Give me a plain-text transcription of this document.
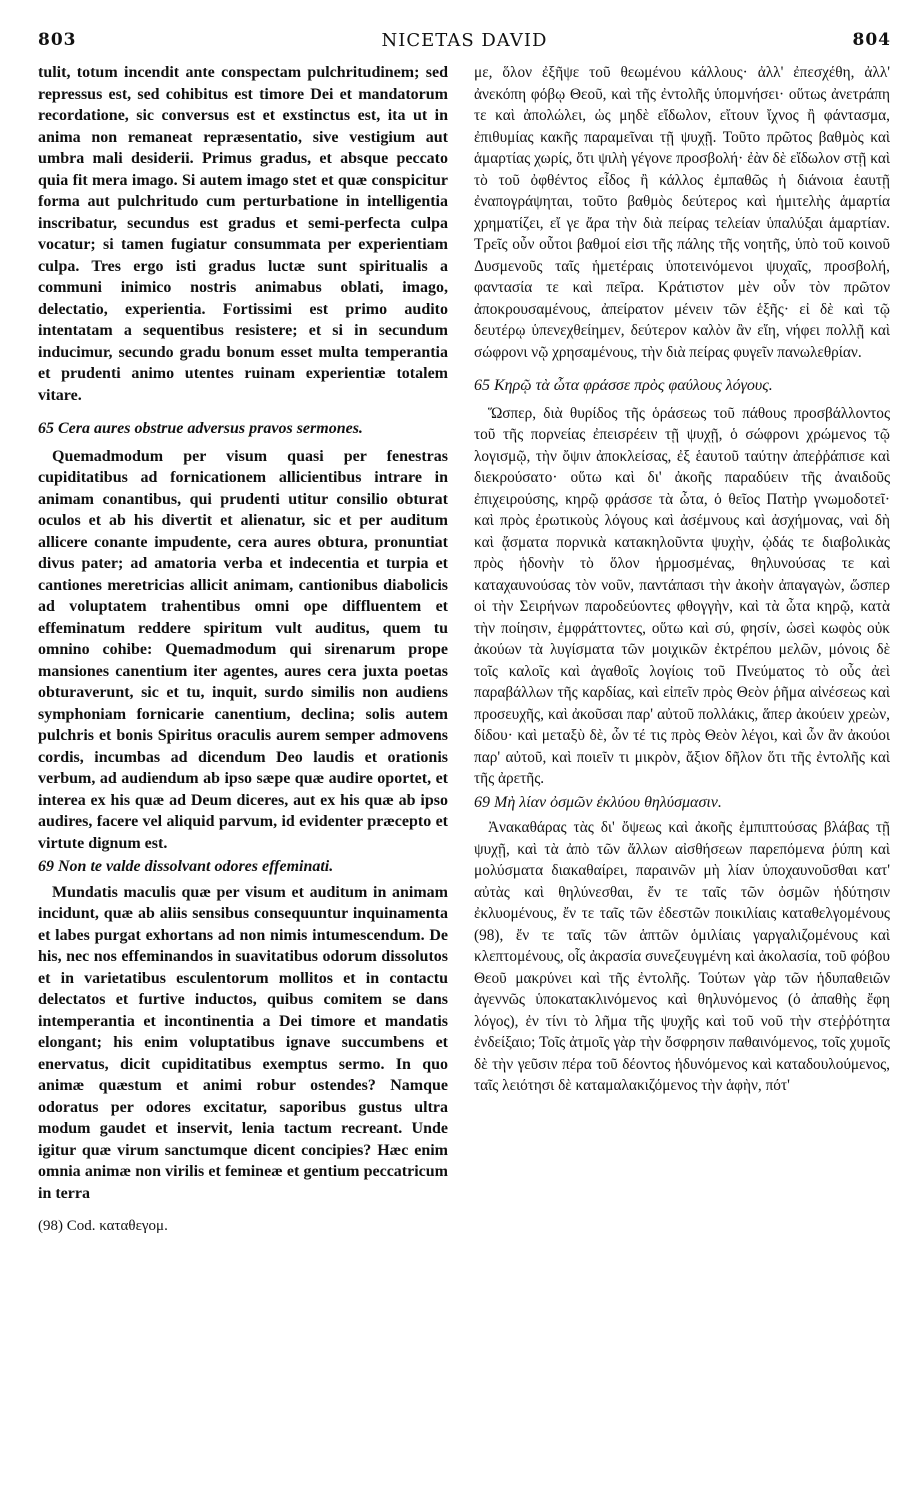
803	NICETAS DAVID	804

tulit, totum incendit ante conspectam pulchritudinem; sed repressus est, sed cohibitus est timore Dei et mandatorum recordatione, sic conversus est et exstinctus est, ita ut in anima non remaneat repræsentatio, sive vestigium aut umbra mali desiderii. Primus gradus, et absque peccato quia fit mera imago. Si autem imago stet et quæ conspicitur forma aut pulchritudo cum perturbatione in intelligentia inscribatur, secundus est gradus et semi-perfecta culpa vocatur; si tamen fugiatur consummata per experientiam culpa. Tres ergo isti gradus luctæ sunt spiritualis a communi inimico nostris animabus oblati, imago, delectatio, experientia. Fortissimi est primo audito intentatam a sequentibus resistere; et si in secundum inducimur, secundo gradu bonum esset multa temperantia et prudenti animo utentes ruinam experientiæ totalem vitare.

65 Cera aures obstrue adversus pravos sermones.

Quemadmodum per visum quasi per fenestras cupiditatibus ad fornicationem allicientibus intrare in animam conantibus, qui prudenti utitur consilio obturat oculos et ab his divertit et alienatur, sic et per auditum allicere conante impudente, cera aures obtura, pronuntiat divus pater; ad amatoria verba et indecentia et turpia et cantiones meretricias allicit animam, cantionibus diabolicis ad voluptatem trahentibus omni ope diffluentem et effeminatum reddere spiritum vult auditus, quem tu omnino cohibe: Quemadmodum qui sirenarum prope mansiones canentium iter agentes, aures cera juxta poetas obturaverunt, sic et tu, inquit, surdo similis non audiens symphoniam fornicarie canentium, declina; solis autem pulchris et bonis Spiritus oraculis aurem semper admovens cordis, incumbas ad dicendum Deo laudis et orationis verbum, ad audiendum ab ipso sæpe quæ audire oportet, et interea ex his quæ ad Deum diceres, aut ex his quæ ab ipso audires, facere vel aliquid parvum, id evidenter præcepto et virtute dignum est.

69 Non te valde dissolvant odores effeminati.

Mundatis maculis quæ per visum et auditum in animam incidunt, quæ ab aliis sensibus consequuntur inquinamenta et labes purgat exhortans ad non nimis intumescendum. De his, nec nos effeminandos in suavitatibus odorum dissolutos et in varietatibus esculentorum mollitos et in contactu delectatos et furtive inductos, quibus comitem se dans intemperantia et incontinentia a Dei timore et mandatis elongant; his enim voluptatibus ignave succumbens et enervatus, dicit cupiditatibus exemptus sermo. In quo animæ quæstum et animi robur ostendes? Namque odoratus per odores excitatur, saporibus gustus ultra modum gaudet et inservit, lenia tactum recreant. Unde igitur quæ virum sanctumque dicent concipies? Hæc enim omnia animæ non virilis et femineæ et gentium peccatricum in terra

(98) Cod. καταθεγομ.

με, ὅλον ἐξῆψε τοῦ θεωμένου κάλλους· ἀλλ' ἐπεσχέθη, ἀλλ' ἀνεκόπη φόβῳ Θεοῦ, καὶ τῆς ἐντολῆς ὑπομνήσει· οὕτως ἀνετράπη τε καὶ ἀπολώλει, ὡς μηδὲ εἴδωλον, εἴτουν ἴχνος ἢ φάντασμα, ἐπιθυμίας κακῆς παραμεῖναι τῇ ψυχῇ. Τοῦτο πρῶτος βαθμὸς καὶ ἁμαρτίας χωρίς, ὅτι ψιλὴ γέγονε προσβολή· ἐὰν δὲ εἴδωλον στῇ καὶ τὸ τοῦ ὀφθέντος εἶδος ἢ κάλλος ἐμπαθῶς ἡ διάνοια ἑαυτῇ ἐναπογράψηται, τοῦτο βαθμὸς δεύτερος καὶ ἡμιτελὴς ἁμαρτία χρηματίζει, εἴ γε ἄρα τὴν διὰ πείρας τελείαν ὑπαλύξαι ἁμαρτίαν. Τρεῖς οὖν οὗτοι βαθμοί εἰσι τῆς πάλης τῆς νοητῆς, ὑπὸ τοῦ κοινοῦ Δυσμενοῦς ταῖς ἡμετέραις ὑποτεινόμενοι ψυχαῖς, προσβολή, φαντασία τε καὶ πεῖρα. Κράτιστον μὲν οὖν τὸν πρῶτον ἀποκρουσαμένους, ἀπείρατον μένειν τῶν ἑξῆς· εἰ δὲ καὶ τῷ δευτέρῳ ὑπενεχθείημεν, δεύτερον καλὸν ἂν εἴη, νήφει πολλῇ καὶ σώφρονι νῷ χρησαμένους, τὴν διὰ πείρας φυγεῖν πανωλεθρίαν.

65 Κηρῷ τὰ ὦτα φράσσε πρὸς φαύλους λόγους.

Ὥσπερ, διὰ θυρίδος τῆς ὁράσεως τοῦ πάθους προσβάλλοντος τοῦ τῆς πορνείας ἐπεισρέειν τῇ ψυχῇ, ὁ σώφρονι χρώμενος τῷ λογισμῷ, τὴν ὄψιν ἀποκλείσας, ἐξ ἑαυτοῦ ταύτην ἀπεῤῥάπισε καὶ διεκρούσατο· οὕτω καὶ δι' ἀκοῆς παραδύειν τῆς ἀναιδοῦς ἐπιχειρούσης, κηρῷ φράσσε τὰ ὦτα, ὁ θεῖος Πατὴρ γνωμοδοτεῖ· καὶ πρὸς ἐρωτικοὺς λόγους καὶ ἀσέμνους καὶ ἀσχήμονας, ναὶ δὴ καὶ ᾄσματα πορνικὰ κατακηλοῦντα ψυχὴν, ᾠδάς τε διαβολικὰς πρὸς ἡδονὴν τὸ ὅλον ἡρμοσμένας, θηλυνούσας τε καὶ καταχαυνούσας τὸν νοῦν, παντάπασι τὴν ἀκοὴν ἀπαγαγὼν, ὥσπερ οἱ τὴν Σειρήνων παροδεύοντες φθογγὴν, καὶ τὰ ὦτα κηρῷ, κατὰ τὴν ποίησιν, ἐμφράττοντες, οὕτω καὶ σύ, φησίν, ὡσεὶ κωφὸς οὐκ ἀκούων τὰ λυγίσματα τῶν μοιχικῶν ἐκτρέπου μελῶν, μόνοις δὲ τοῖς καλοῖς καὶ ἀγαθοῖς λογίοις τοῦ Πνεύματος τὸ οὖς ἀεὶ παραβάλλων τῆς καρδίας, καὶ εἰπεῖν πρὸς Θεὸν ῥῆμα αἰνέσεως καὶ προσευχῆς, καὶ ἀκοῦσαι παρ' αὐτοῦ πολλάκις, ἅπερ ἀκούειν χρεὼν, δίδου· καὶ μεταξὺ δὲ, ὧν τέ τις πρὸς Θεὸν λέγοι, καὶ ὧν ἂν ἀκούοι παρ' αὐτοῦ, καὶ ποιεῖν τι μικρὸν, ἄξιον δῆλον ὅτι τῆς ἐντολῆς καὶ τῆς ἀρετῆς.

69 Μὴ λίαν ὀσμῶν ἐκλύου θηλύσμασιν.

Ἀνακαθάρας τὰς δι' ὄψεως καὶ ἀκοῆς ἐμπιπτούσας βλάβας τῇ ψυχῇ, καὶ τὰ ἀπὸ τῶν ἄλλων αἰσθήσεων παρεπόμενα ῥύπη καὶ μολύσματα διακαθαίρει, παραινῶν μὴ λίαν ὑποχαυνοῦσθαι κατ' αὐτὰς καὶ θηλύνεσθαι, ἔν τε ταῖς τῶν ὀσμῶν ἡδύτησιν ἐκλυομένους, ἔν τε ταῖς τῶν ἐδεστῶν ποικιλίαις καταθελγομένους (98), ἔν τε ταῖς τῶν ἁπτῶν ὁμιλίαις γαργαλιζομένους καὶ κλεπτομένους, οἷς ἀκρασία συνεζευγμένη καὶ ἀκολασία, τοῦ φόβου Θεοῦ μακρύνει καὶ τῆς ἐντολῆς. Τούτων γὰρ τῶν ἡδυπαθειῶν ἀγεννῶς ὑποκατακλινόμενος καὶ θηλυνόμενος (ὁ ἀπαθὴς ἔφη λόγος), ἐν τίνι τὸ λῆμα τῆς ψυχῆς καὶ τοῦ νοῦ τὴν στεῤῥότητα ἐνδείξαιο; Τοῖς ἀτμοῖς γὰρ τὴν ὄσφρησιν παθαινόμενος, τοῖς χυμοῖς δὲ τὴν γεῦσιν πέρα τοῦ δέοντος ἡδυνόμενος καὶ καταδουλούμενος, ταῖς λειότησι δὲ καταμαλακιζόμενος τὴν ἁφὴν, πότ'
